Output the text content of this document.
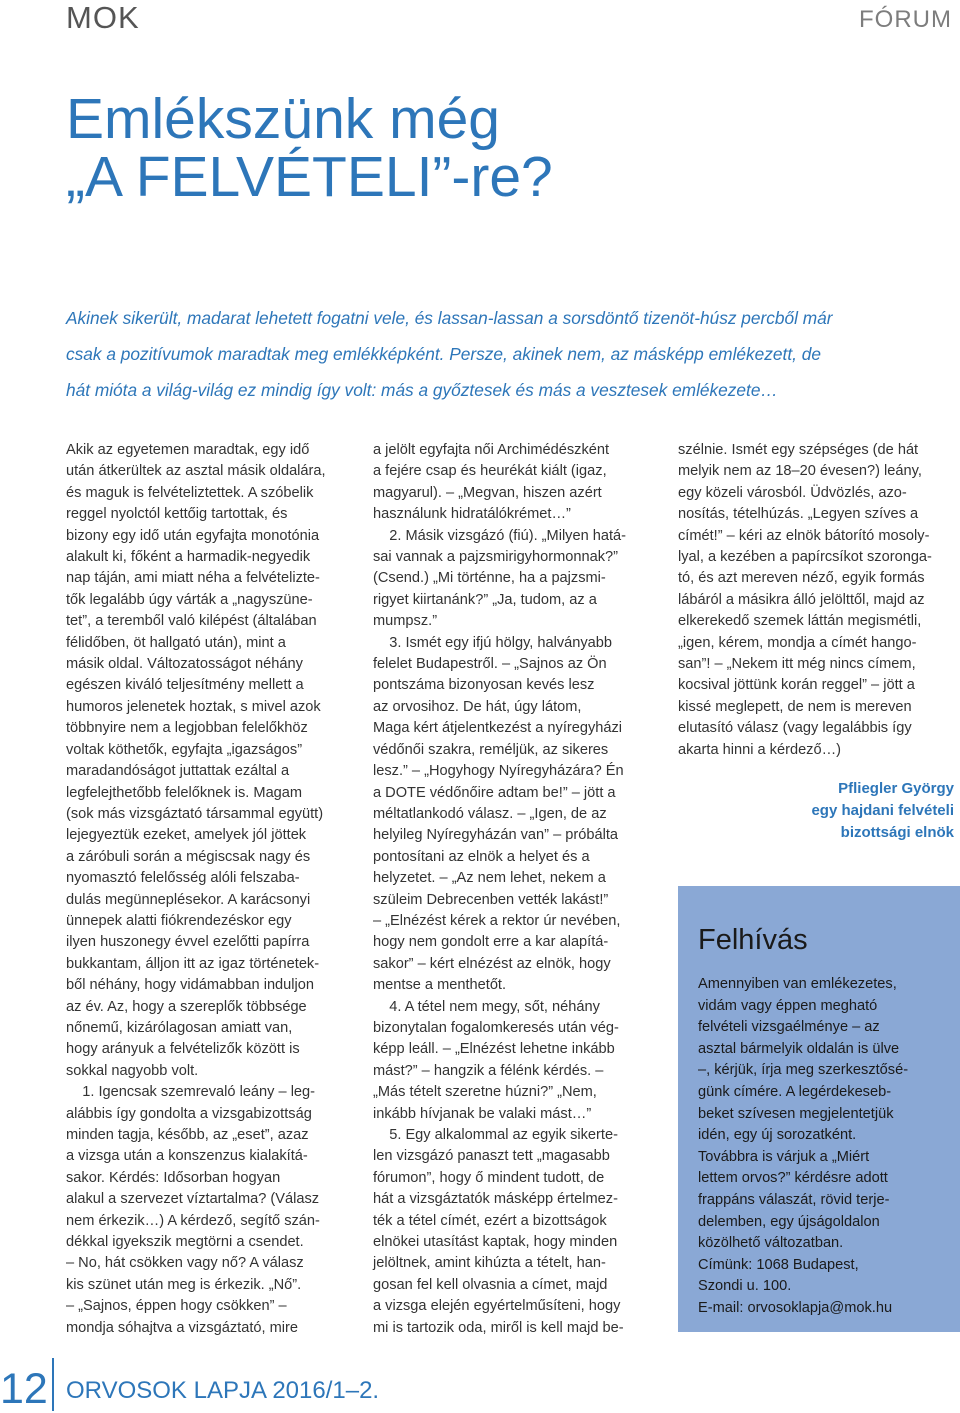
MOK	FÓRUM
Emlékszünk még
„A FELVÉTELI”-re?
Akinek sikerült, madarat lehetett fogatni vele, és lassan-lassan a sorsdöntő tizenöt-húsz percből már
csak a pozitívumok maradtak meg emlékképként. Persze, akinek nem, az másképp emlékezett, de
hát mióta a világ-világ ez mindig így volt: más a győztesek és más a vesztesek emlékezete…
Akik az egyetemen maradtak, egy idő
után átkerültek az asztal másik oldalára,
és maguk is felvételiztettek. A szóbelik
reggel nyolctól kettőig tartottak, és
bizony egy idő után egyfajta monotónia
alakult ki, főként a harmadik-negyedik
nap táján, ami miatt néha a felvételizte-
tők legalább úgy várták a „nagyszüne-
tet”, a teremből való kilépést (általában
félidőben, öt hallgató után), mint a
másik oldal. Változatosságot néhány
egészen kiváló teljesítmény mellett a
humoros jelenetek hoztak, s mivel azok
többnyire nem a legjobban felelőkhöz
voltak köthetők, egyfajta „igazságos”
maradandóságot juttattak ezáltal a
legfelejthetőbb felelőknek is. Magam
(sok más vizsgáztató társammal együtt)
lejegyeztük ezeket, amelyek jól jöttek
a záróbuli során a mégiscsak nagy és
nyomasztó felelősség alóli felszaba-
dulás megünneplésekor. A karácsonyi
ünnepek alatti fiókrendezéskor egy
ilyen huszonegy évvel ezelőtti papírra
bukkantam, álljon itt az igaz történetek-
ből néhány, hogy vidámabban induljon
az év. Az, hogy a szereplők többsége
nőnemű, kizárólagosan amiatt van,
hogy arányuk a felvételizők között is
sokkal nagyobb volt.
1. Igencsak szemrevaló leány – leg-
alábbis így gondolta a vizsgabizottság
minden tagja, később, az „eset”, azaz
a vizsga után a konszenzus kialakítá-
sakor. Kérdés: Idősorban hogyan
alakul a szervezet víztartalma? (Válasz
nem érkezik…) A kérdező, segítő szán-
dékkal igyekszik megtörni a csendet.
– No, hát csökken vagy nő? A válasz
kis szünet után meg is érkezik. „Nő”.
– „Sajnos, éppen hogy csökken” –
mondja sóhajtva a vizsgáztató, mire
a jelölt egyfajta női Archimédészként
a fejére csap és heurékát kiált (igaz,
magyarul). – „Megvan, hiszen azért
használunk hidratálókrémet…”
2. Másik vizsgázó (fiú). „Milyen hatá-
sai vannak a pajzsmirigyhormonnak?”
(Csend.) „Mi történne, ha a pajzsmi-
rigyet kiirtanánk?” „Ja, tudom, az a
mumpsz.”
3. Ismét egy ifjú hölgy, halványabb
felelet Budapestről. – „Sajnos az Ön
pontszáma bizonyosan kevés lesz
az orvosihoz. De hát, úgy látom,
Maga kért átjelentkezést a nyíregyházi
védőnői szakra, reméljük, az sikeres
lesz.” – „Hogyhogy Nyíregyházára? Én
a DOTE védőnőire adtam be!” – jött a
méltatlankodó válasz. – „Igen, de az
helyileg Nyíregyházán van” – próbálta
pontosítani az elnök a helyet és a
helyzetet. – „Az nem lehet, nekem a
szüleim Debrecenben vették lakást!”
– „Elnézést kérek a rektor úr nevében,
hogy nem gondolt erre a kar alapítá-
sakor” – kért elnézést az elnök, hogy
mentse a menthetőt.
4. A tétel nem megy, sőt, néhány
bizonytalan fogalomkeresés után vég-
képp leáll. – „Elnézést lehetne inkább
mást?” – hangzik a félénk kérdés. –
„Más tételt szeretne húzni?” „Nem,
inkább hívjanak be valaki mást…”
5. Egy alkalommal az egyik sikerte-
len vizsgázó panaszt tett „magasabb
fórumon”, hogy ő mindent tudott, de
hát a vizsgáztatók másképp értelmez-
ték a tétel címét, ezért a bizottságok
elnökei utasítást kaptak, hogy minden
jelöltnek, amint kihúzta a tételt, han-
gosan fel kell olvasnia a címet, majd
a vizsga elején egyértelműsíteni, hogy
mi is tartozik oda, miről is kell majd be-
szélnie. Ismét egy szépséges (de hát
melyik nem az 18–20 évesen?) leány,
egy közeli városból. Üdvözlés, azo-
nosítás, tételhúzás. „Legyen szíves a
címét!” – kéri az elnök bátorító mosoly-
lyal, a kezében a papírcsíkot szoronga-
tó, és azt mereven néző, egyik formás
lábáról a másikra álló jelölttől, majd az
elkerekedő szemek láttán megismétli,
„igen, kérem, mondja a címét hango-
san”! – „Nekem itt még nincs címem,
kocsival jöttünk korán reggel” – jött a
kissé meglepett, de nem is mereven
elutasító válasz (vagy legalábbis így
akarta hinni a kérdező…)
Pfliegler György
egy hajdani felvételi
bizottsági elnök
Felhívás
Amennyiben van emlékezetes,
vidám vagy éppen megható
felvételi vizsgaélménye – az
asztal bármelyik oldalán is ülve
–, kérjük, írja meg szerkesztősé-
günk címére. A legérdekeseb-
beket szívesen megjelentetjük
idén, egy új sorozatként.
Továbbra is várjuk a „Miért
lettem orvos?” kérdésre adott
frappáns válaszát, rövid terje-
delemben, egy újságoldalon
közölhető változatban.
Címünk: 1068 Budapest,
Szondi u. 100.
E-mail: orvosoklapja@mok.hu
12 ORVOSOK LAPJA 2016/1–2.
